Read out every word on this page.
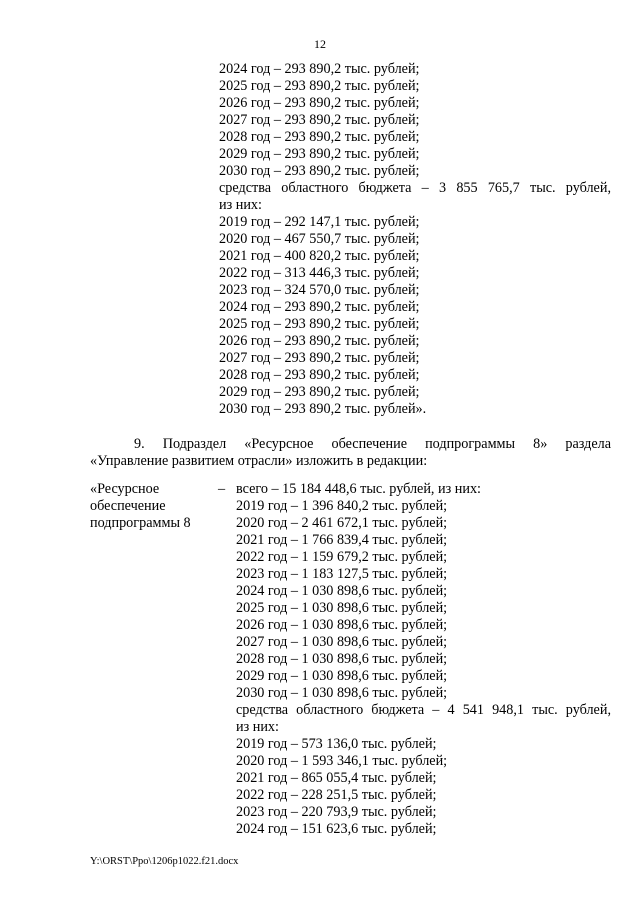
12
2024 год – 293 890,2 тыс. рублей;
2025 год – 293 890,2 тыс. рублей;
2026 год – 293 890,2 тыс. рублей;
2027 год – 293 890,2 тыс. рублей;
2028 год – 293 890,2 тыс. рублей;
2029 год – 293 890,2 тыс. рублей;
2030 год – 293 890,2 тыс. рублей;
средства областного бюджета – 3 855 765,7 тыс. рублей,
из них:
2019 год – 292 147,1 тыс. рублей;
2020 год – 467 550,7 тыс. рублей;
2021 год – 400 820,2 тыс. рублей;
2022 год – 313 446,3 тыс. рублей;
2023 год – 324 570,0 тыс. рублей;
2024 год – 293 890,2 тыс. рублей;
2025 год – 293 890,2 тыс. рублей;
2026 год – 293 890,2 тыс. рублей;
2027 год – 293 890,2 тыс. рублей;
2028 год – 293 890,2 тыс. рублей;
2029 год – 293 890,2 тыс. рублей;
2030 год – 293 890,2 тыс. рублей».
9. Подраздел «Ресурсное обеспечение подпрограммы 8» раздела
«Управление развитием отрасли» изложить в редакции:
«Ресурсное
обеспечение
подпрограммы 8
– всего – 15 184 448,6 тыс. рублей, из них:
2019 год – 1 396 840,2 тыс. рублей;
2020 год – 2 461 672,1 тыс. рублей;
2021 год – 1 766 839,4 тыс. рублей;
2022 год – 1 159 679,2 тыс. рублей;
2023 год – 1 183 127,5 тыс. рублей;
2024 год – 1 030 898,6 тыс. рублей;
2025 год – 1 030 898,6 тыс. рублей;
2026 год – 1 030 898,6 тыс. рублей;
2027 год – 1 030 898,6 тыс. рублей;
2028 год – 1 030 898,6 тыс. рублей;
2029 год – 1 030 898,6 тыс. рублей;
2030 год – 1 030 898,6 тыс. рублей;
средства областного бюджета – 4 541 948,1 тыс. рублей,
из них:
2019 год – 573 136,0 тыс. рублей;
2020 год – 1 593 346,1 тыс. рублей;
2021 год – 865 055,4 тыс. рублей;
2022 год – 228 251,5 тыс. рублей;
2023 год – 220 793,9 тыс. рублей;
2024 год – 151 623,6 тыс. рублей;
Y:\ORST\Ppo\1206p1022.f21.docx
